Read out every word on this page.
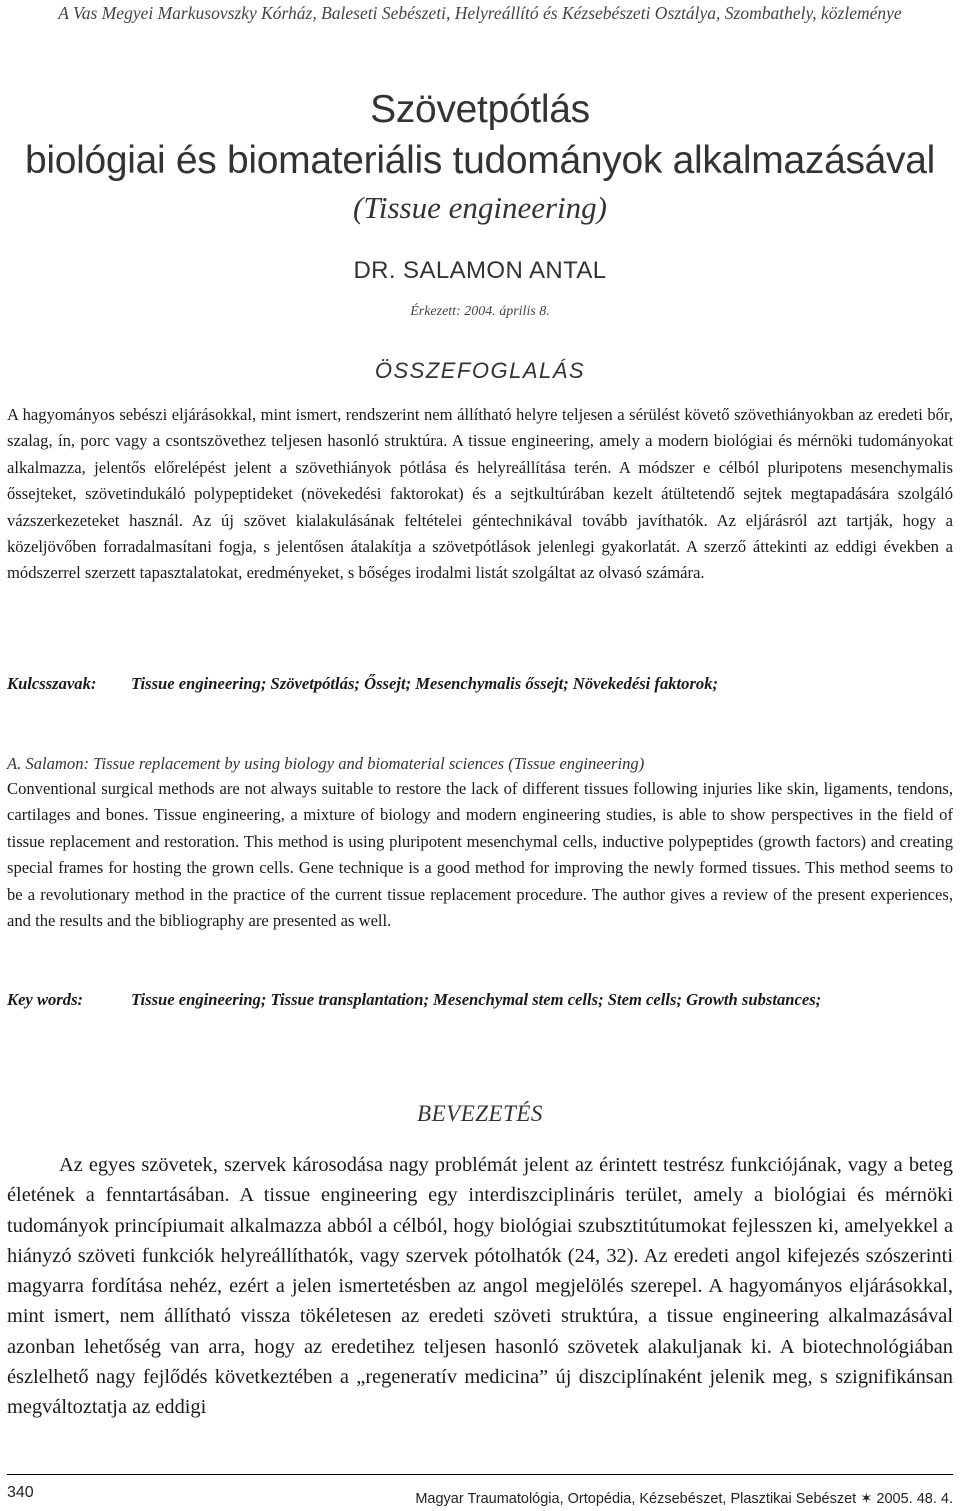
A Vas Megyei Markusovszky Kórház, Baleseti Sebészeti, Helyreállító és Kézsebészeti Osztálya, Szombathely, közleménye
Szövetpótlás
biológiai és biomateriális tudományok alkalmazásával
(Tissue engineering)
DR. SALAMON ANTAL
Érkezett: 2004. április 8.
ÖSSZEFOGLALÁS

A hagyományos sebészi eljárásokkal, mint ismert, rendszerint nem állítható helyre teljesen a sérülést követő szövethiányokban az eredeti bőr, szalag, ín, porc vagy a csontszövethez teljesen hasonló struktúra. A tissue engineering, amely a modern biológiai és mérnöki tudományokat alkalmazza, jelentős előrelépést jelent a szövethiányok pótlása és helyreállítása terén. A módszer e célból pluripotens mesenchymalis őssejteket, szövetindukáló polypeptideket (növekedési faktorokat) és a sejtkultúrában kezelt átültetendő sejtek megtapadására szolgáló vázszerkezeteket használ. Az új szövet kialakulásának feltételei géntechnikával tovább javíthatók. Az eljárásról azt tartják, hogy a közeljövőben forradalmasítani fogja, s jelentősen átalakítja a szövetpótlások jelenlegi gyakorlatát. A szerző áttekinti az eddigi években a módszerrel szerzett tapasztalatokat, eredményeket, s bőséges irodalmi listát szolgáltat az olvasó számára.

Kulcsszavak: Tissue engineering; Szövetpótlás; Őssejt; Mesenchymalis őssejt; Növekedési faktorok;

A. Salamon: Tissue replacement by using biology and biomaterial sciences (Tissue engineering)

Conventional surgical methods are not always suitable to restore the lack of different tissues following injuries like skin, ligaments, tendons, cartilages and bones. Tissue engineering, a mixture of biology and modern engineering studies, is able to show perspectives in the field of tissue replacement and restoration. This method is using pluripotent mesenchymal cells, inductive polypeptides (growth factors) and creating special frames for hosting the grown cells. Gene technique is a good method for improving the newly formed tissues. This method seems to be a revolutionary method in the practice of the current tissue replacement procedure. The author gives a review of the present experiences, and the results and the bibliography are presented as well.

Key words:	Tissue engineering; Tissue transplantation; Mesenchymal stem cells; Stem cells; Growth substances;
BEVEZETÉS

Az egyes szövetek, szervek károsodása nagy problémát jelent az érintett testrész funkciójának, vagy a beteg életének a fenntartásában. A tissue engineering egy interdiszciplináris terület, amely a biológiai és mérnöki tudományok princípiumait alkalmazza abból a célból, hogy biológiai szubsztitútumokat fejlesszen ki, amelyekkel a hiányzó szöveti funkciók helyreállíthatók, vagy szervek pótolhatók (24, 32). Az eredeti angol kifejezés szószerinti magyarra fordítása nehéz, ezért a jelen ismertetésben az angol megjelölés szerepel. A hagyományos eljárásokkal, mint ismert, nem állítható vissza tökéletesen az eredeti szöveti struktúra, a tissue engineering alkalmazásával azonban lehetőség van arra, hogy az eredetihez teljesen hasonló szövetek alakuljanak ki. A biotechnológiában észlelhető nagy fejlődés következtében a „regeneratív medicina” új diszciplínaként jelenik meg, s szignifikánsan megváltoztatja az eddigi

340	Magyar Traumatológia, Ortopédia, Kézsebészet, Plasztikai Sebészet ✶ 2005. 48. 4.
